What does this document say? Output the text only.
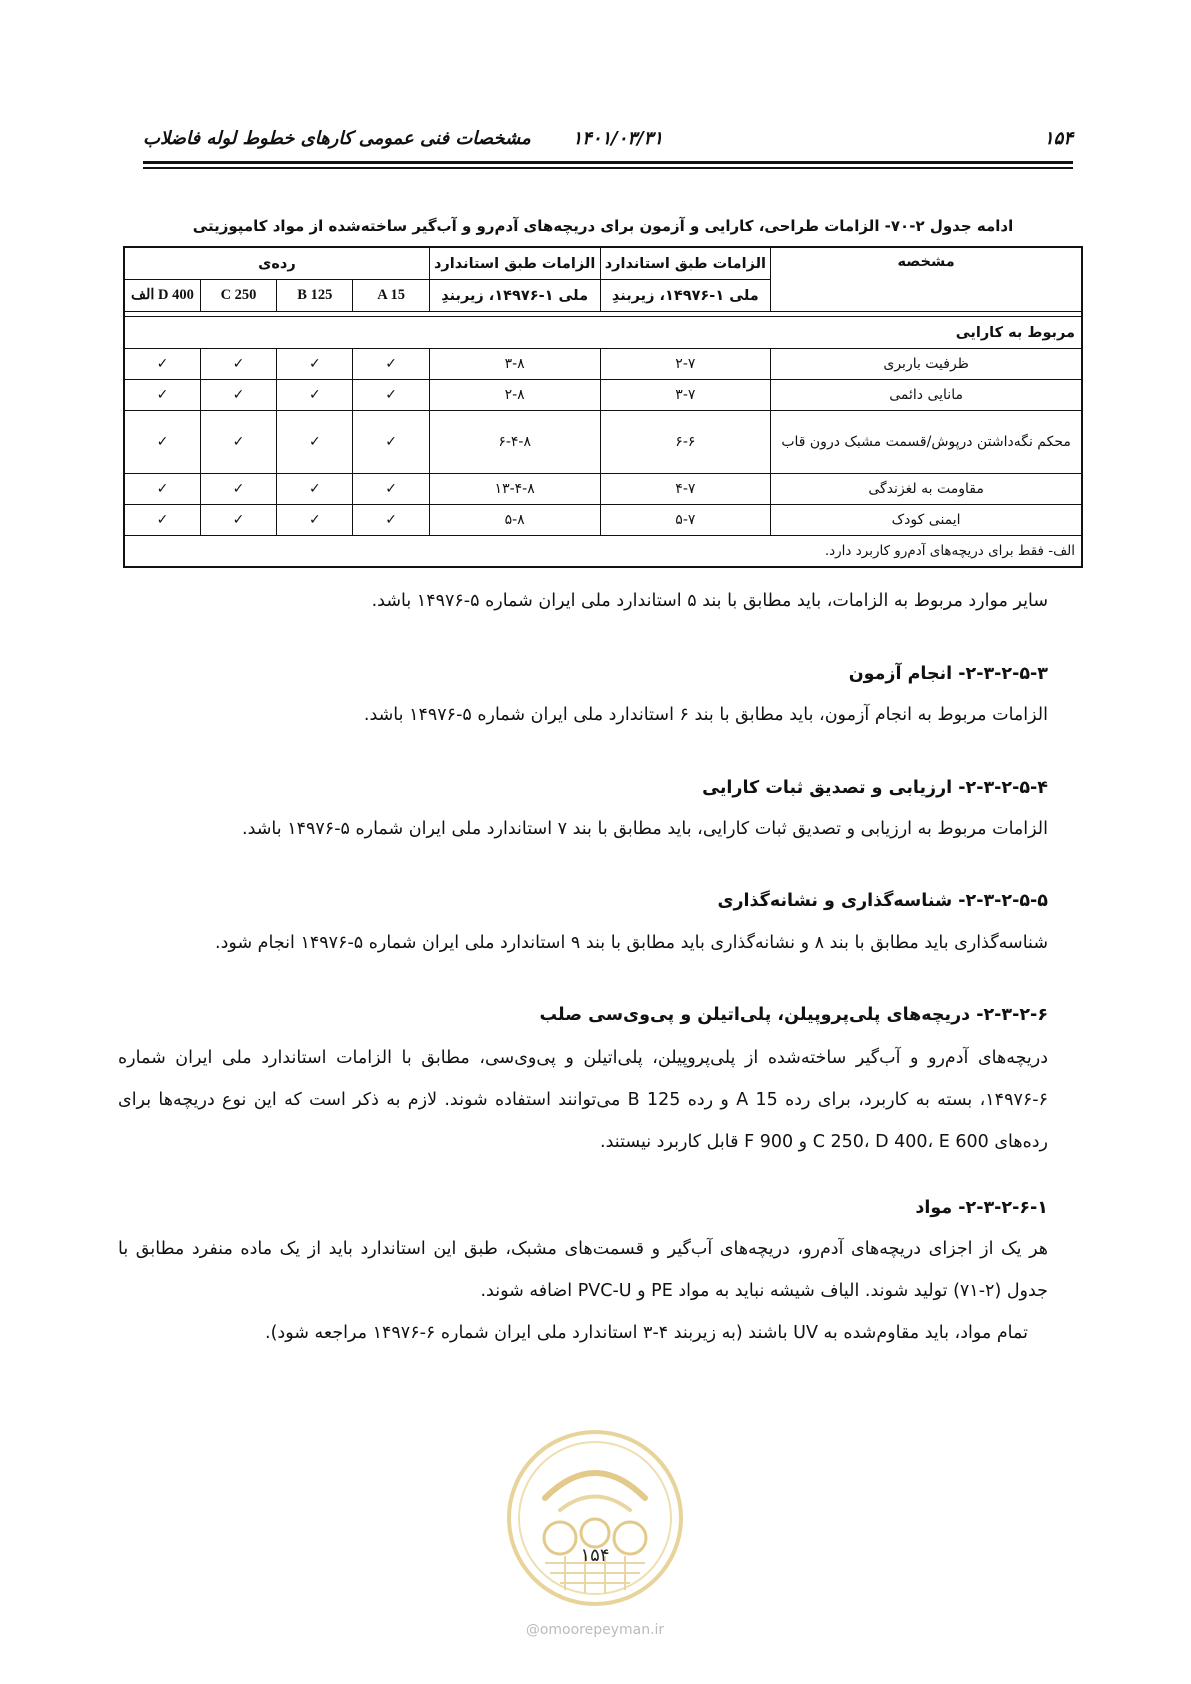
۱۵۴
۱۴۰۱/۰۳/۳۱
مشخصات فنی عمومی کارهای خطوط لوله فاضلاب
ادامه جدول ۲-۷۰- الزامات طراحی، کارایی و آزمون برای دریچه‌های آدم‌رو و آب‌گیر ساخته‌شده از مواد کامپوزیتی
مشخصه	الزامات طبق استاندارد	الزامات طبق استاندارد	رده‌ی			
	ملی ۱-۱۴۹۷۶، زیربندِ	ملی ۱-۱۴۹۷۶، زیربندِ	A 15	B 125	C 250	D 400 الف

مربوط به کارایی						
ظرفیت باربری	۲-۷	۳-۸	✓	✓	✓	✓
مانایی دائمی	۳-۷	۲-۸	✓	✓	✓	✓
محکم نگه‌داشتن درپوش/قسمت مشبک درون قاب	۶-۶	۶-۴-۸	✓	✓	✓	✓
مقاومت به لغزندگی	۴-۷	۱۳-۴-۸	✓	✓	✓	✓
ایمنی کودک	۵-۷	۵-۸	✓	✓	✓	✓
الف- فقط برای دریچه‌های آدم‌رو کاربرد دارد.						
سایر موارد مربوط به الزامات، باید مطابق با بند ۵ استاندارد ملی ایران شماره ۵-۱۴۹۷۶ باشد.
۲-۳-۲-۵-۳- انجام آزمون
الزامات مربوط به انجام آزمون، باید مطابق با بند ۶ استاندارد ملی ایران شماره ۵-۱۴۹۷۶ باشد.
۲-۳-۲-۵-۴- ارزیابی و تصدیق ثبات کارایی
الزامات مربوط به ارزیابی و تصدیق ثبات کارایی، باید مطابق با بند ۷ استاندارد ملی ایران شماره ۵-۱۴۹۷۶ باشد.
۲-۳-۲-۵-۵- شناسه‌گذاری و نشانه‌گذاری
شناسه‌گذاری باید مطابق با بند ۸ و نشانه‌گذاری باید مطابق با بند ۹ استاندارد ملی ایران شماره ۵-۱۴۹۷۶ انجام شود.
۲-۳-۲-۶- دریچه‌های پلی‌پروپیلن، پلی‌اتیلن و پی‌وی‌سی صلب
دریچه‌های آدم‌رو و آب‌گیر ساخته‌شده از پلی‌پروپیلن، پلی‌اتیلن و پی‌وی‌سی، مطابق با الزامات استاندارد ملی ایران شماره ۶-۱۴۹۷۶، بسته به کاربرد، برای رده A 15 و رده B 125 می‌توانند استفاده شوند. لازم به ذکر است که این نوع دریچه‌ها برای رده‌های C 250، D 400، E 600 و F 900 قابل کاربرد نیستند.
۲-۳-۲-۶-۱- مواد
هر یک از اجزای دریچه‌های آدم‌رو، دریچه‌های آب‌گیر و قسمت‌های مشبک، طبق این استاندارد باید از یک ماده منفرد مطابق با جدول (۲-۷۱) تولید شوند. الیاف شیشه نباید به مواد PE و PVC-U اضافه شوند.
تمام مواد، باید مقاوم‌شده به UV باشند (به زیربند ۴-۳ استاندارد ملی ایران شماره ۶-۱۴۹۷۶ مراجعه شود).
۱۵۴
@omoorepeyman.ir
